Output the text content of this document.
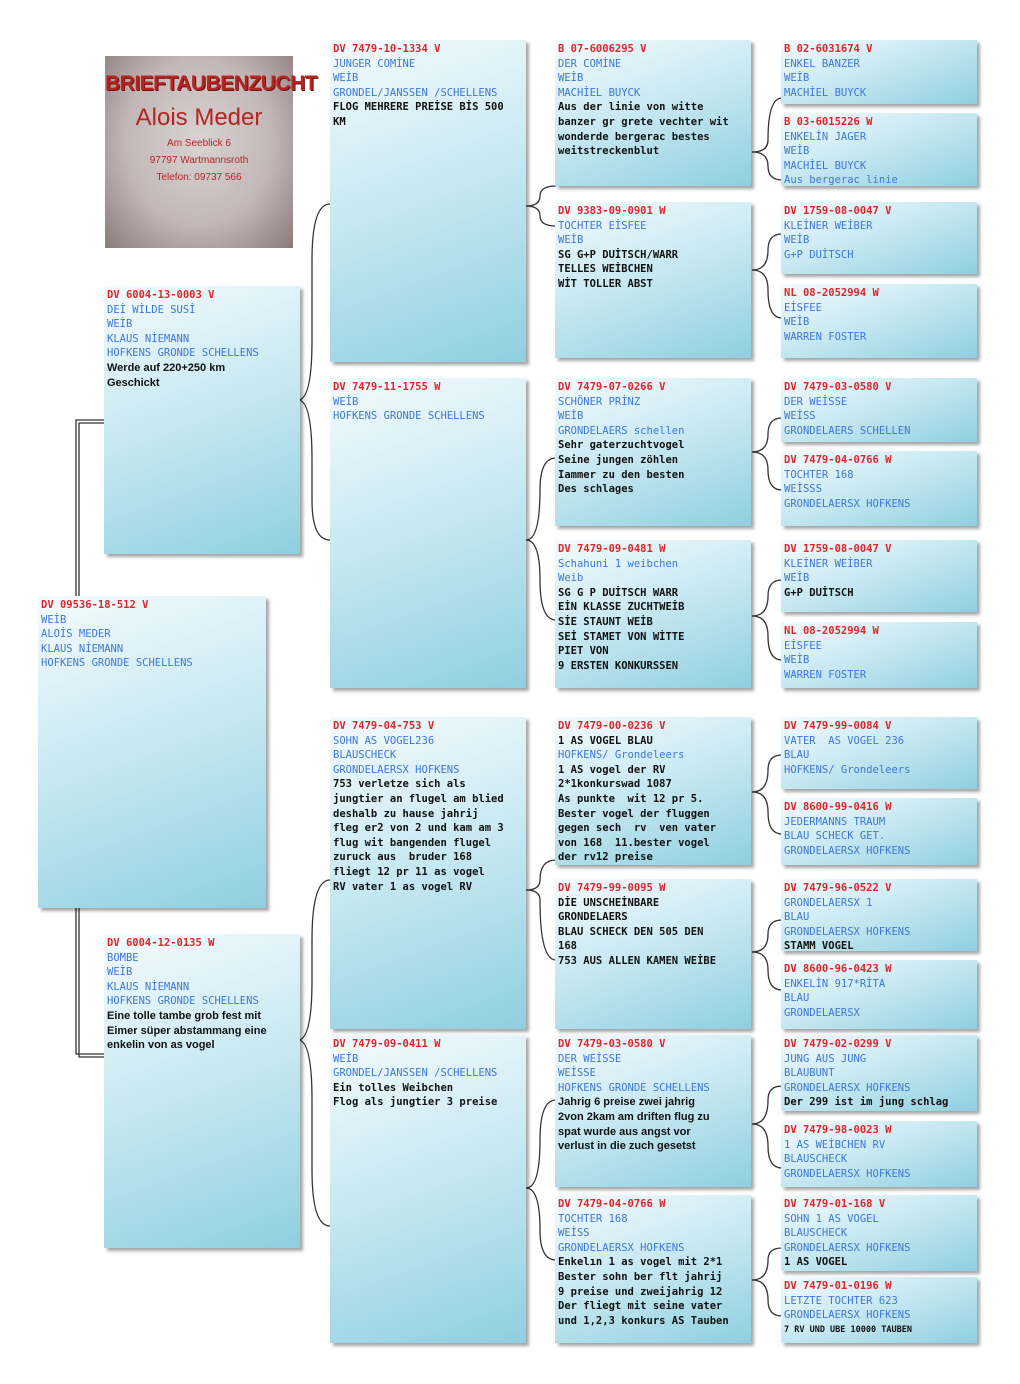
BRIEFTAUBENZUCHT
Alois Meder
Am Seeblick 6
97797 Wartmannsroth
Telefon: 09737 566
DV 09536-18-512 V
WEİB
ALOİS MEDER
KLAUS NİEMANN
HOFKENS GRONDE SCHELLENS
DV 6004-13-0003 V
DEİ WİLDE SUSİ
WEİB
KLAUS NİEMANN
HOFKENS GRONDE SCHELLENS
Werde auf 220+250 km
Geschickt
DV 6004-12-0135 W
BOMBE
WEİB
KLAUS NİEMANN
HOFKENS GRONDE SCHELLENS
Eine tolle tambe grob fest mit
Eimer süper abstammang eine
enkelin von as vogel
DV 7479-10-1334 V
JUNGER COMİNE
WEİB
GRONDEL/JANSSEN /SCHELLENS
FLOG MEHRERE PREİSE BİS 500
KM
DV 7479-11-1755 W
WEİB
HOFKENS GRONDE SCHELLENS
DV 7479-04-753 V
SOHN AS VOGEL236
BLAUSCHECK
GRONDELAERSX HOFKENS
753 verletze sich als
jungtier an flugel am blied
deshalb zu hause jahrij
fleg er2 von 2 und kam am 3
flug wit bangenden flugel
zuruck aus  bruder 168
fliegt 12 pr 11 as vogel
RV vater 1 as vogel RV
DV 7479-09-0411 W
WEİB
GRONDEL/JANSSEN /SCHELLENS
Ein tolles Weibchen
Flog als jungtier 3 preise
B 07-6006295 V
DER COMİNE
WEİB
MACHİEL BUYCK
Aus der linie von witte
banzer gr grete vechter wit
wonderde bergerac bestes
weitstreckenblut
DV 9383-09-0901 W
TOCHTER EİSFEE
WEİB
SG G+P DUİTSCH/WARR
TELLES WEİBCHEN
WİT TOLLER ABST
DV 7479-07-0266 V
SCHÖNER PRİNZ
WEİB
GRONDELAERS schellen
Sehr gaterzuchtvogel
Seine jungen zöhlen
Iammer zu den besten
Des schlages
DV 7479-09-0481 W
Schahuni 1 weibchen
Weib
SG G P DUİTSCH WARR
EİN KLASSE ZUCHTWEİB
SİE STAUNT WEİB
SEİ STAMET VON WİTTE
PIET VON
9 ERSTEN KONKURSSEN
DV 7479-00-0236 V
1 AS VOGEL BLAU
HOFKENS/ Grondeleers
1 AS vogel der RV
2*1konkurswad 1087
As punkte  wit 12 pr 5.
Bester vogel der fluggen
gegen sech  rv  ven vater
von 168  11.bester vogel
der rv12 preise
DV 7479-99-0095 W
DİE UNSCHEİNBARE
GRONDELAERS
BLAU SCHECK DEN 505 DEN
168
753 AUS ALLEN KAMEN WEİBE
DV 7479-03-0580 V
DER WEİSSE
WEİSSE
HOFKENS GRONDE SCHELLENS
Jahrig 6 preise zwei jahrig
2von 2kam am driften flug zu
spat wurde aus angst vor
verlust in die zuch gesetst
DV 7479-04-0766 W
TOCHTER 168
WEİSS
GRONDELAERSX HOFKENS
Enkelın 1 as vogel mit 2*1
Bester sohn ber flt jahrij
9 preise und zweijahrig 12
Der fliegt mit seine vater
und 1,2,3 konkurs AS Tauben
B 02-6031674 V
ENKEL BANZER
WEİB
MACHİEL BUYCK
B 03-6015226 W
ENKELİN JAGER
WEİB
MACHİEL BUYCK
Aus bergerac linie
DV 1759-08-0047 V
KLEİNER WEİBER
WEİB
G+P DUİTSCH
NL 08-2052994 W
EİSFEE
WEİB
WARREN FOSTER
DV 7479-03-0580 V
DER WEİSSE
WEİSS
GRONDELAERS SCHELLEN
DV 7479-04-0766 W
TOCHTER 168
WEİSSS
GRONDELAERSX HOFKENS
DV 1759-08-0047 V
KLEİNER WEİBER
WEİB
G+P DUİTSCH
NL 08-2052994 W
EİSFEE
WEİB
WARREN FOSTER
DV 7479-99-0084 V
VATER  AS VOGEL 236
BLAU
HOFKENS/ Grondeleers
DV 8600-99-0416 W
JEDERMANNS TRAUM
BLAU SCHECK GET.
GRONDELAERSX HOFKENS
DV 7479-96-0522 V
GRONDELAERSX 1
BLAU
GRONDELAERSX HOFKENS
STAMM VOGEL
DV 8600-96-0423 W
ENKELİN 917*RİTA
BLAU
GRONDELAERSX
DV 7479-02-0299 V
JUNG AUS JUNG
BLAUBUNT
GRONDELAERSX HOFKENS
Der 299 ist im jung schlag
DV 7479-98-0023 W
1 AS WEİBCHEN RV
BLAUSCHECK
GRONDELAERSX HOFKENS
DV 7479-01-168 V
SOHN 1 AS VOGEL
BLAUSCHECK
GRONDELAERSX HOFKENS
1 AS VOGEL
DV 7479-01-0196 W
LETZTE TOCHTER 623
GRONDELAERSX HOFKENS
7 RV UND UBE 10000 TAUBEN
